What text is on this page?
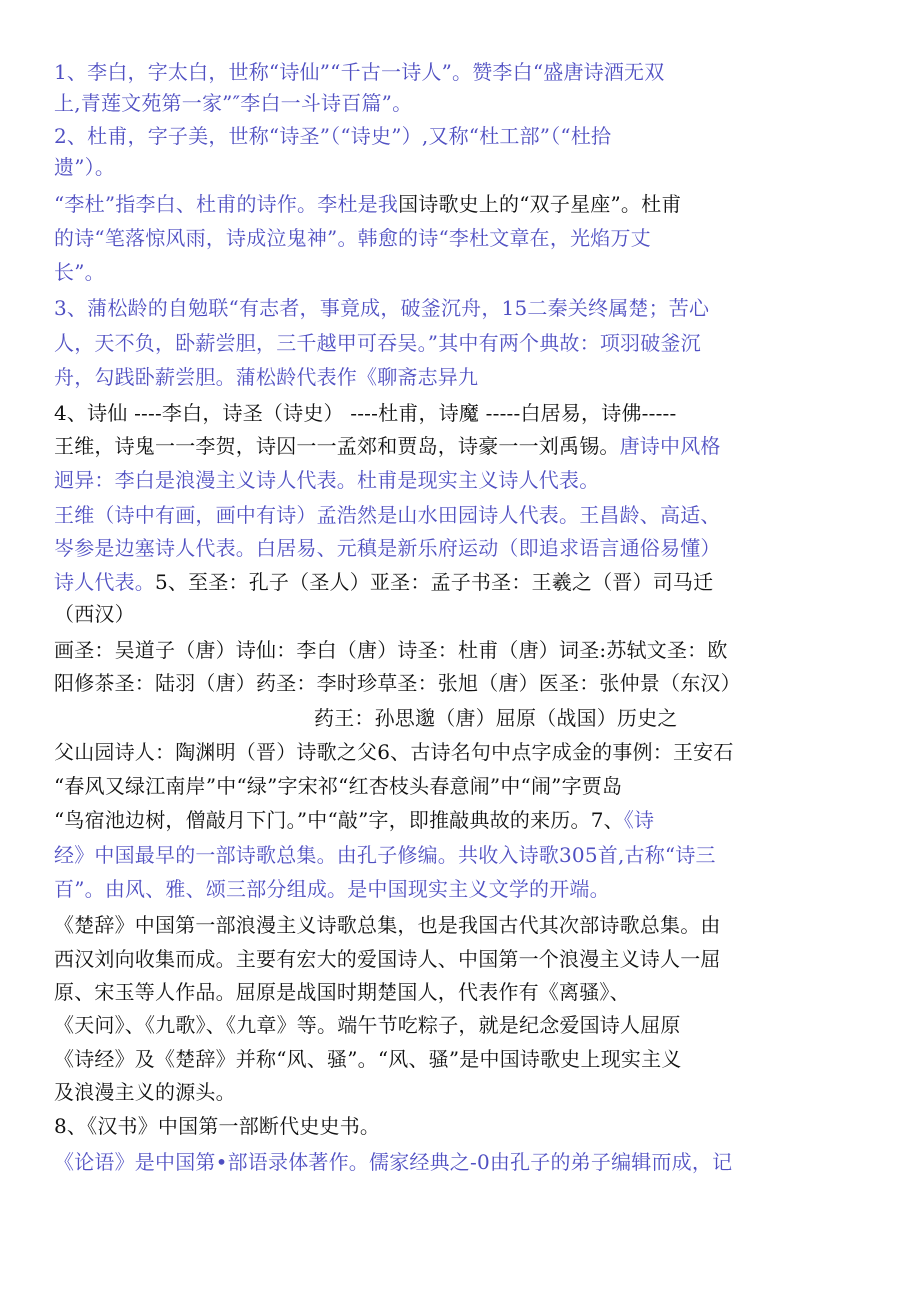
1、李白，字太白，世称“诗仙”“千古一诗人”。赞李白“盛唐诗酒无双
上,青莲文苑第一家”″李白一斗诗百篇”。
2、杜甫，字子美，世称“诗圣”（“诗史”）,又称“杜工部”（“杜拾
遗”）。
“李杜”指李白、杜甫的诗作。李杜是我国诗歌史上的“双子星座”。杜甫
的诗“笔落惊风雨，诗成泣鬼神”。韩愈的诗“李杜文章在，光焰万丈
长”。
3、蒲松龄的自勉联“有志者，事竟成，破釜沉舟，15二秦关终属楚；苦心
人，天不负，卧薪尝胆，三千越甲可吞吴。”其中有两个典故：项羽破釜沉
舟，勾践卧薪尝胆。蒲松龄代表作《聊斋志异九
4、诗仙 ----李白，诗圣（诗史） ----杜甫，诗魔 -----白居易，诗佛-----
王维，诗鬼一一李贺，诗囚一一孟郊和贾岛，诗豪一一刘禹锡。唐诗中风格
迥异：李白是浪漫主义诗人代表。杜甫是现实主义诗人代表。
王维（诗中有画，画中有诗）孟浩然是山水田园诗人代表。王昌龄、高适、
岑参是边塞诗人代表。白居易、元稹是新乐府运动（即追求语言通俗易懂）
诗人代表。5、至圣：孔子（圣人）亚圣：孟子书圣：王羲之（晋）司马迁
（西汉）
画圣：吴道子（唐）诗仙：李白（唐）诗圣：杜甫（唐）词圣:苏轼文圣：欧
阳修茶圣：陆羽（唐）药圣：李时珍草圣：张旭（唐）医圣：张仲景（东汉）
药王：孙思邈（唐）屈原（战国）历史之
父山园诗人：陶渊明（晋）诗歌之父6、古诗名句中点字成金的事例：王安石
“春风又绿江南岸”中“绿”字宋祁“红杏枝头春意闹”中“闹”字贾岛
“鸟宿池边树，僧敲月下门。”中“敲”字，即推敲典故的来历。7、《诗
经》中国最早的一部诗歌总集。由孔子修编。共收入诗歌305首,古称“诗三
百”。由风、雅、颂三部分组成。是中国现实主义文学的开端。
《楚辞》中国第一部浪漫主义诗歌总集，也是我国古代其次部诗歌总集。由
西汉刘向收集而成。主要有宏大的爱国诗人、中国第一个浪漫主义诗人一屈
原、宋玉等人作品。屈原是战国时期楚国人，代表作有《离骚》、
《天问》、《九歌》、《九章》等。端午节吃粽子，就是纪念爱国诗人屈原
《诗经》及《楚辞》并称“风、骚”。“风、骚”是中国诗歌史上现实主义
及浪漫主义的源头。
8、《汉书》中国第一部断代史史书。
《论语》是中国第•部语录体著作。儒家经典之-0由孔子的弟子编辑而成，记
